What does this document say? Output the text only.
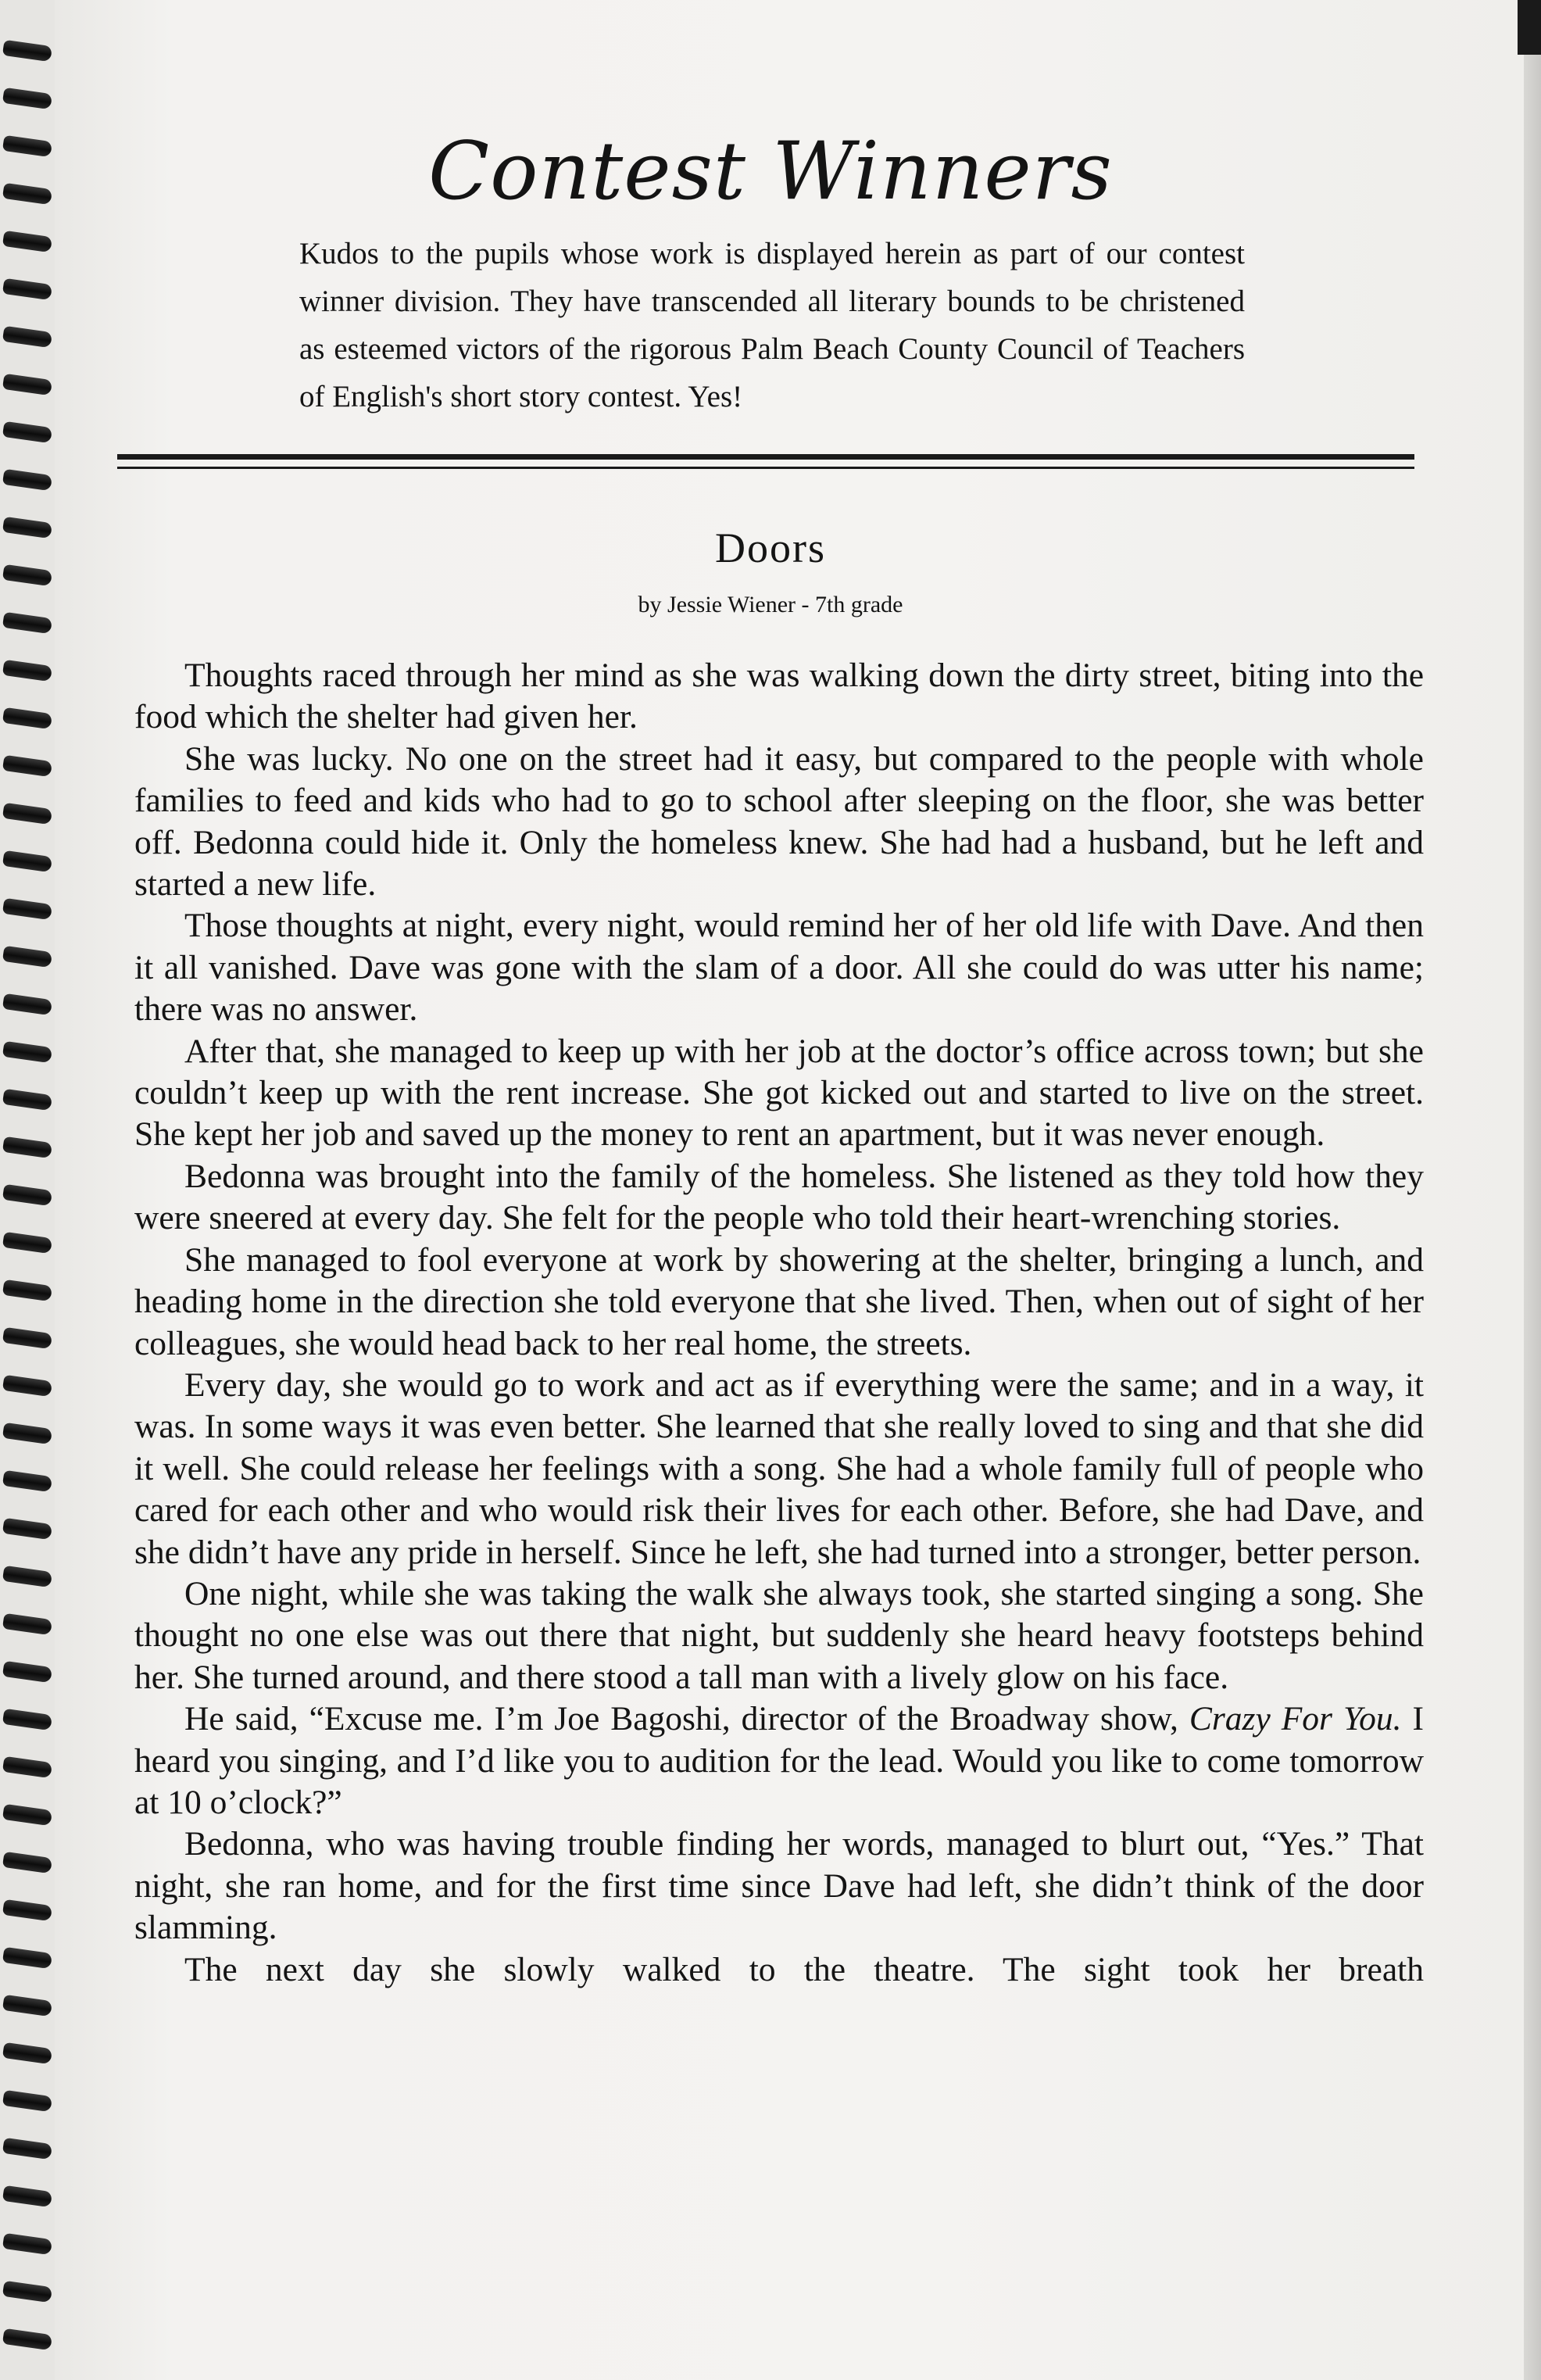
Contest Winners

Kudos to the pupils whose work is displayed herein as part of our contest winner division. They have transcended all literary bounds to be christened as esteemed victors of the rigorous Palm Beach County Council of Teachers of English's short story contest. Yes!

Doors

by Jessie Wiener - 7th grade

Thoughts raced through her mind as she was walking down the dirty street, biting into the food which the shelter had given her.

She was lucky. No one on the street had it easy, but compared to the people with whole families to feed and kids who had to go to school after sleeping on the floor, she was better off. Bedonna could hide it. Only the homeless knew. She had had a husband, but he left and started a new life.

Those thoughts at night, every night, would remind her of her old life with Dave. And then it all vanished. Dave was gone with the slam of a door. All she could do was utter his name; there was no answer.

After that, she managed to keep up with her job at the doctor’s office across town; but she couldn’t keep up with the rent increase. She got kicked out and started to live on the street. She kept her job and saved up the money to rent an apartment, but it was never enough.

Bedonna was brought into the family of the homeless. She listened as they told how they were sneered at every day. She felt for the people who told their heart-wrenching stories.

She managed to fool everyone at work by showering at the shelter, bringing a lunch, and heading home in the direction she told everyone that she lived. Then, when out of sight of her colleagues, she would head back to her real home, the streets.

Every day, she would go to work and act as if everything were the same; and in a way, it was. In some ways it was even better. She learned that she really loved to sing and that she did it well. She could release her feelings with a song. She had a whole family full of people who cared for each other and who would risk their lives for each other. Before, she had Dave, and she didn’t have any pride in herself. Since he left, she had turned into a stronger, better person.

One night, while she was taking the walk she always took, she started singing a song. She thought no one else was out there that night, but suddenly she heard heavy footsteps behind her. She turned around, and there stood a tall man with a lively glow on his face.

He said, “Excuse me. I’m Joe Bagoshi, director of the Broadway show, Crazy For You. I heard you singing, and I’d like you to audition for the lead. Would you like to come tomorrow at 10 o’clock?”

Bedonna, who was having trouble finding her words, managed to blurt out, “Yes.” That night, she ran home, and for the first time since Dave had left, she didn’t think of the door slamming.

The next day she slowly walked to the theatre. The sight took her breath
